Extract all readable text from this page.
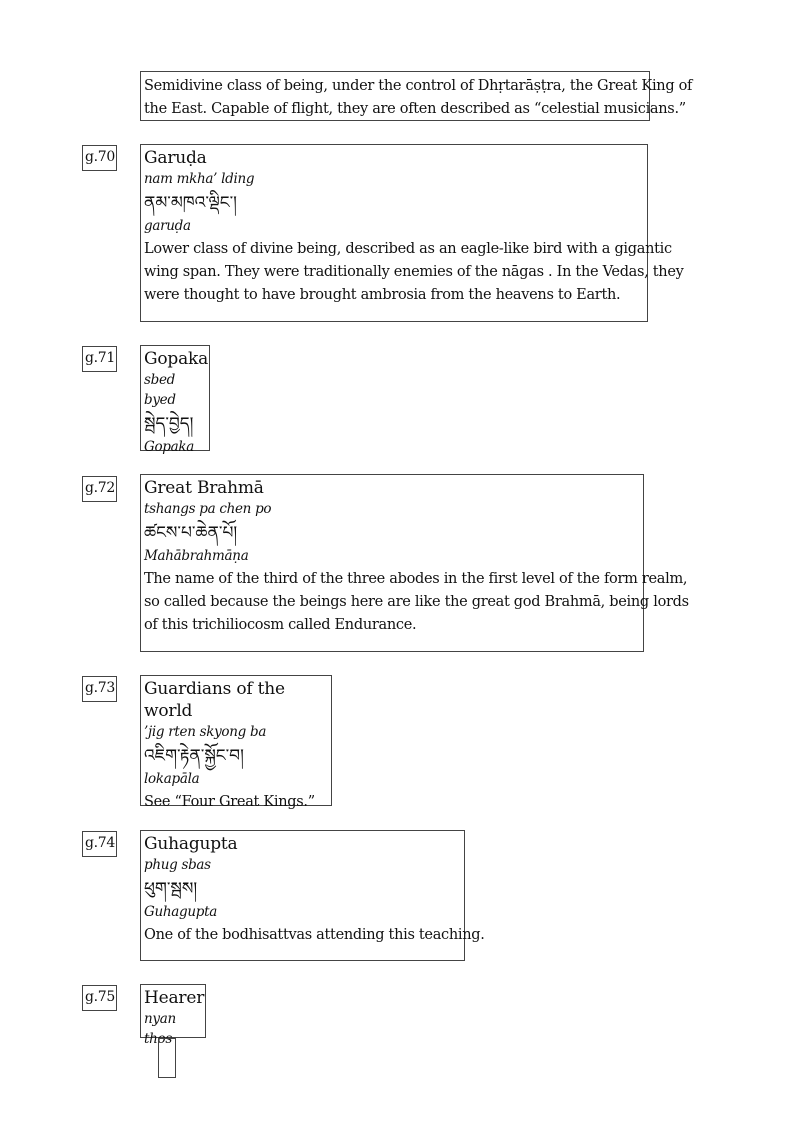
Semidivine class of being, under the control of Dhṛtarāṣṭra, the Great King of
the East. Capable of flight, they are often described as “celestial musicians.”
g.70 Garuḍa
nam mkha’ lding
ནམ་མཁའ་ལྡིང་།
garuḍa
Lower class of divine being, described as an eagle-like bird with a gigantic
wing span. They were traditionally enemies of the nāgas . In the Vedas, they
were thought to have brought ambrosia from the heavens to Earth.
g.71 Gopaka
sbed byed
སྦེད་བྱེད།
Gopaka
g.72 Great Brahmā
tshangs pa chen po
ཚངས་པ་ཆེན་པོ།
Mahābrahmāṇa
The name of the third of the three abodes in the first level of the form realm,
so called because the beings here are like the great god Brahmā, being lords
of this trichiliocosm called Endurance.
g.73 Guardians of the world
’jig rten skyong ba
འཇིག་རྟེན་སྐྱོང་བ།
lokapāla
See “Four Great Kings.”
g.74 Guhagupta
phug sbas
ཕུག་སྦས།
Guhagupta
One of the bodhisattvas attending this teaching.
g.75 Hearer
nyan thos
